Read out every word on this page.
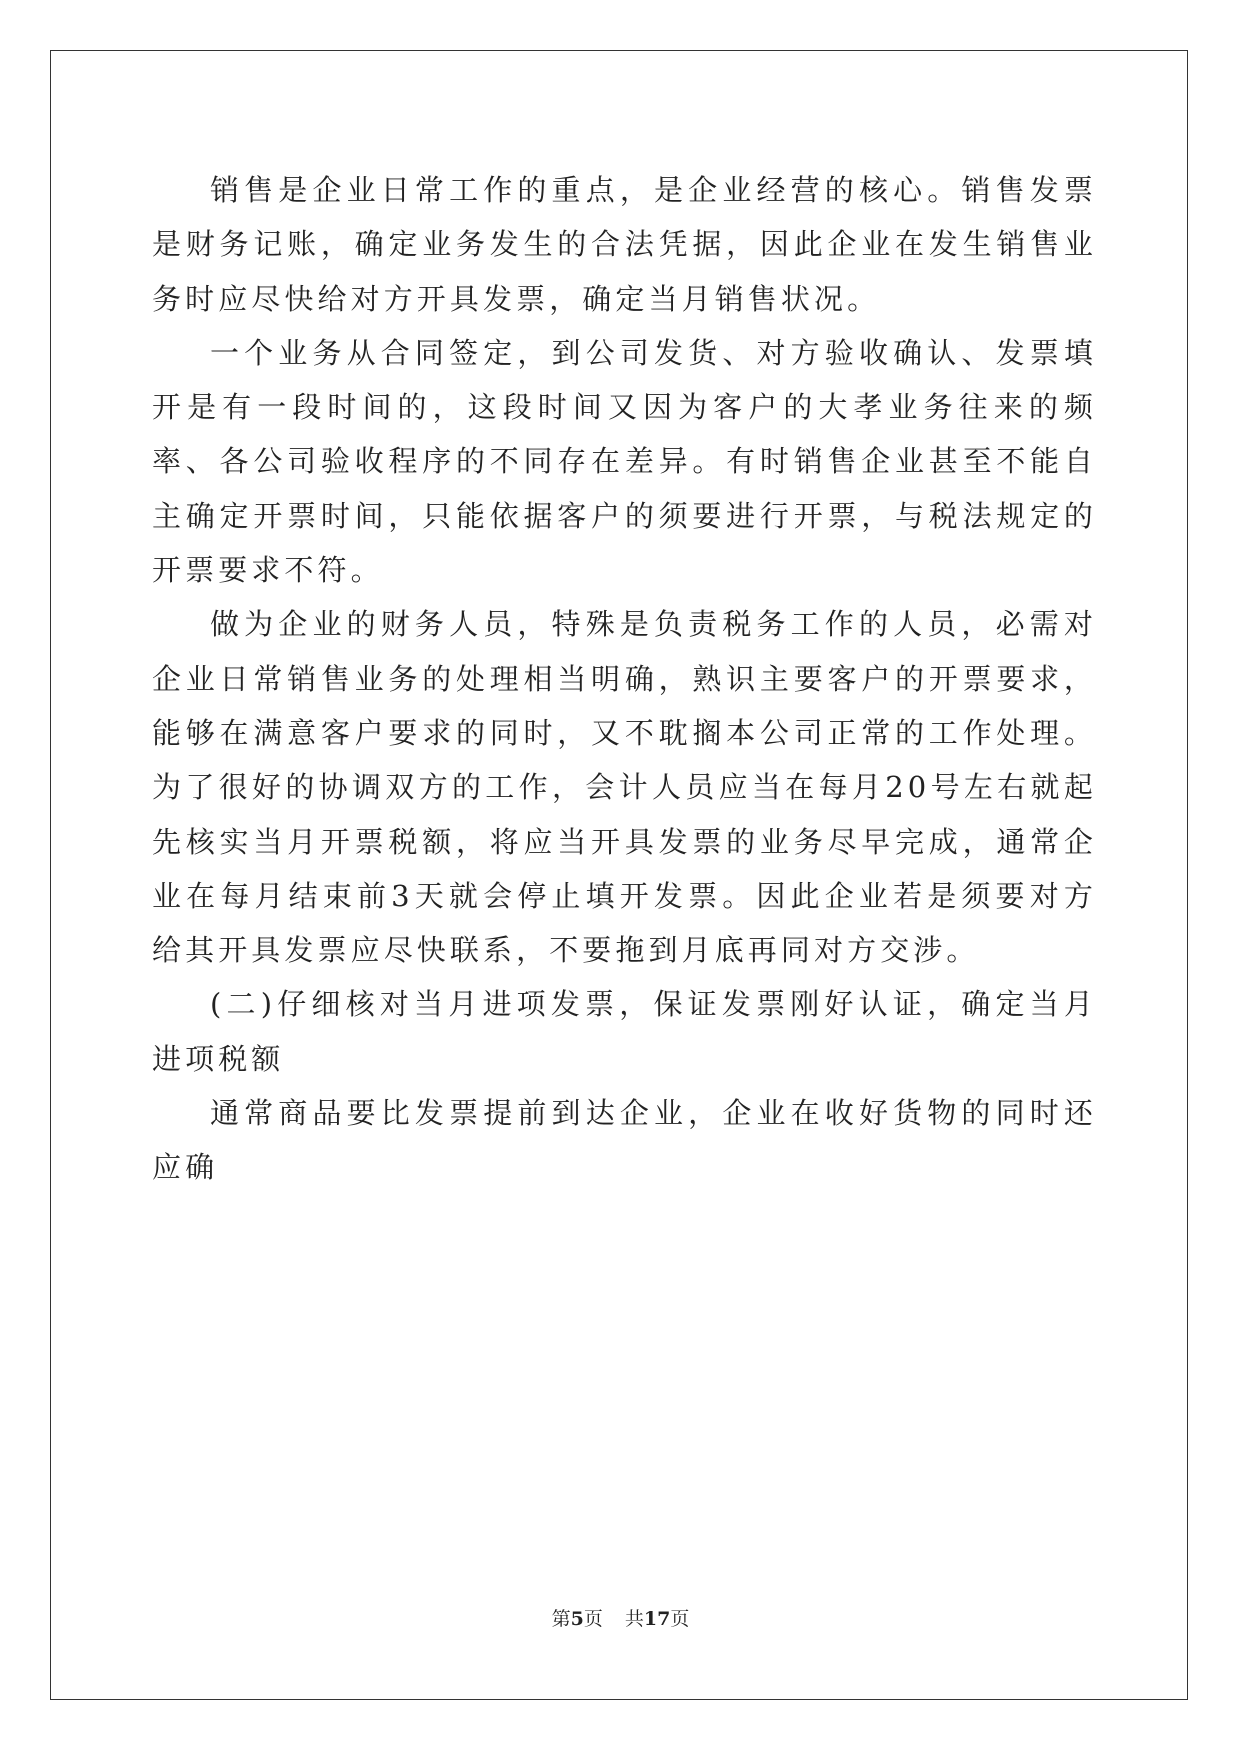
销售是企业日常工作的重点，是企业经营的核心。销售发票是财务记账，确定业务发生的合法凭据，因此企业在发生销售业务时应尽快给对方开具发票，确定当月销售状况。

一个业务从合同签定，到公司发货、对方验收确认、发票填开是有一段时间的，这段时间又因为客户的大孝业务往来的频率、各公司验收程序的不同存在差异。有时销售企业甚至不能自主确定开票时间，只能依据客户的须要进行开票，与税法规定的开票要求不符。

做为企业的财务人员，特殊是负责税务工作的人员，必需对企业日常销售业务的处理相当明确，熟识主要客户的开票要求，能够在满意客户要求的同时，又不耽搁本公司正常的工作处理。为了很好的协调双方的工作，会计人员应当在每月20号左右就起先核实当月开票税额，将应当开具发票的业务尽早完成，通常企业在每月结束前3天就会停止填开发票。因此企业若是须要对方给其开具发票应尽快联系，不要拖到月底再同对方交涉。

(二)仔细核对当月进项发票，保证发票刚好认证，确定当月进项税额

通常商品要比发票提前到达企业，企业在收好货物的同时还应确

第5页 共17页
